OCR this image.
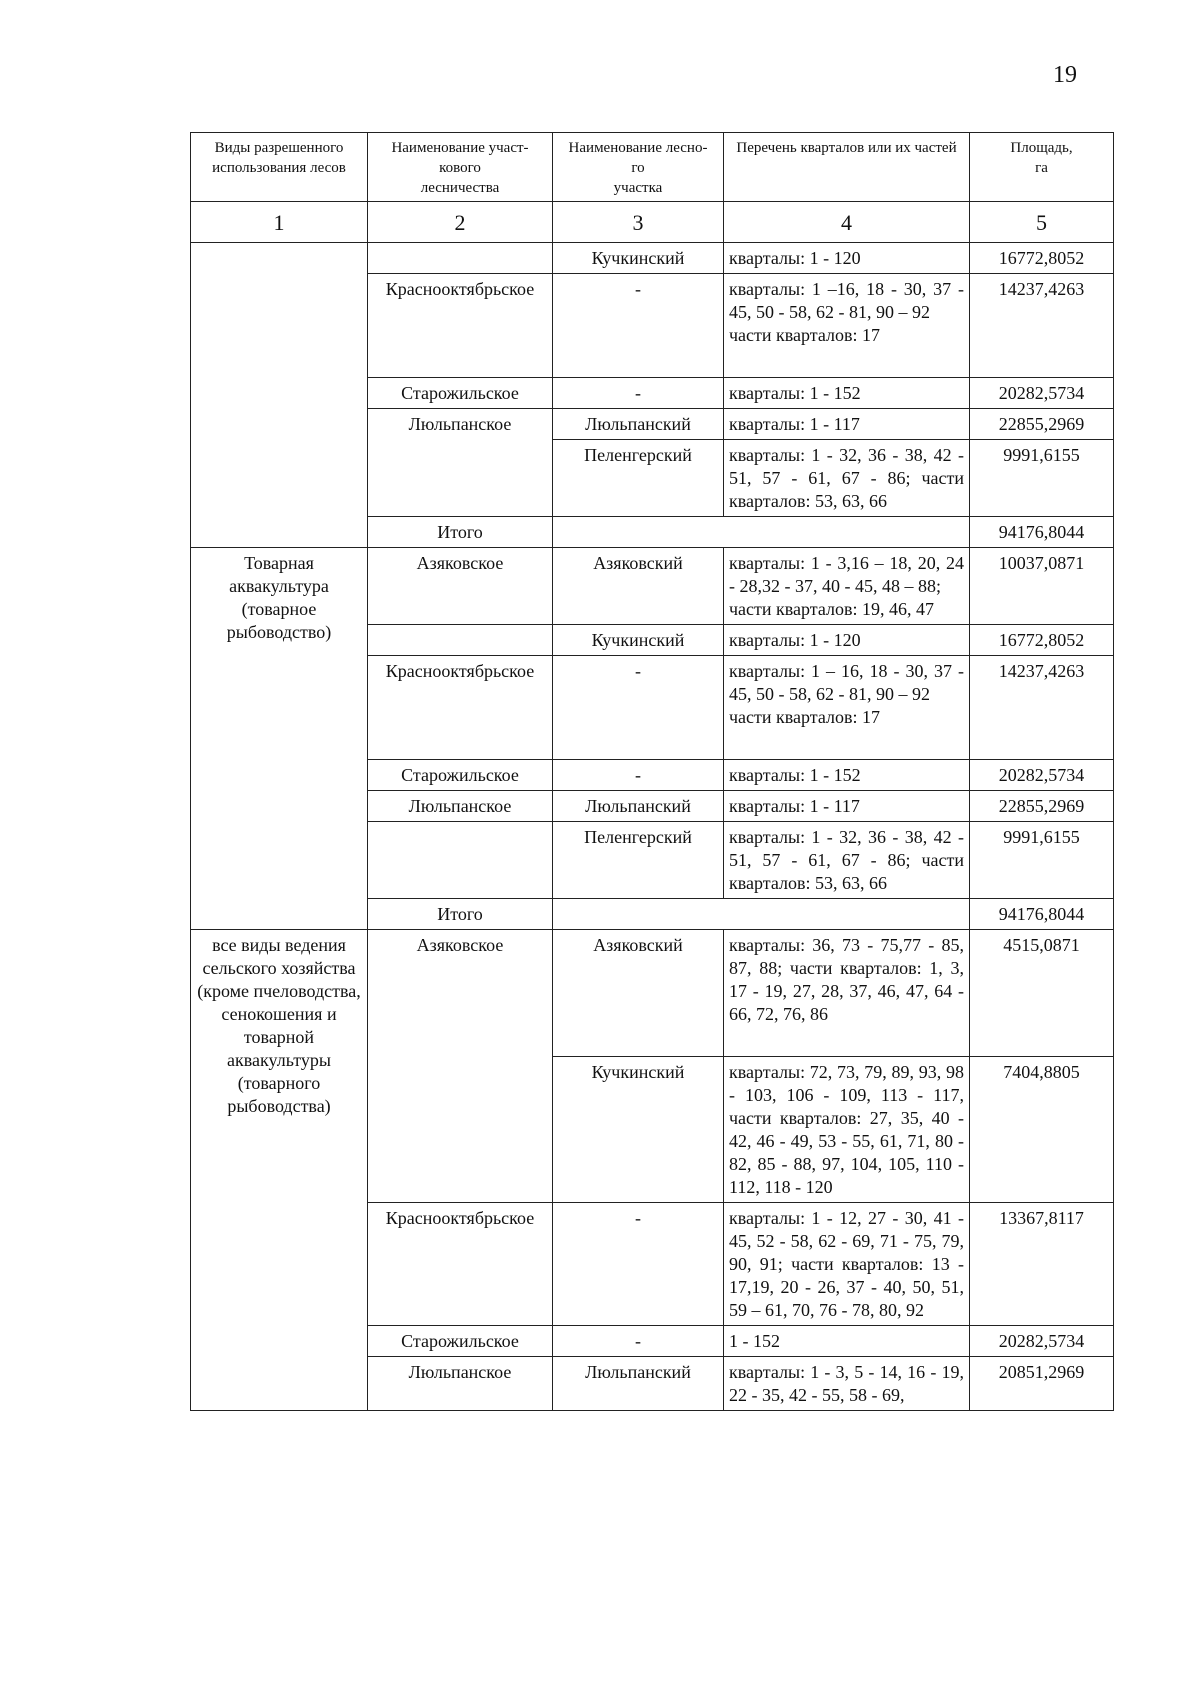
19
Виды разрешенного использования лесов	Наименование участ-
кового
лесничества	Наименование лесно-
го
участка	Перечень кварталов или их частей	Площадь,
га

1	2	3	4	5
		Кучкинский	кварталы: 1 - 120	16772,8052
	Краснооктябрьское	-	кварталы: 1 –16, 18 - 30, 37 - 45, 50 - 58, 62 - 81, 90 – 92
части кварталов: 17	14237,4263
	Старожильское	-	кварталы: 1 - 152	20282,5734
	Люльпанское	Люльпанский	кварталы: 1 - 117	22855,2969
		Пеленгерский	кварталы: 1 - 32, 36 - 38, 42 - 51, 57 - 61, 67 - 86; части кварталов: 53, 63, 66	9991,6155
	Итого			94176,8044
Товарная аквакультура (товарное рыбоводство)	Азяковское	Азяковский	кварталы: 1 - 3,16 – 18, 20, 24 - 28,32 - 37, 40 - 45, 48 – 88;
части кварталов: 19, 46, 47	10037,0871
		Кучкинский	кварталы: 1 - 120	16772,8052
	Краснооктябрьское	-	кварталы: 1 – 16, 18 - 30, 37 - 45, 50 - 58, 62 - 81, 90 – 92
части кварталов: 17	14237,4263
	Старожильское	-	кварталы: 1 - 152	20282,5734
	Люльпанское	Люльпанский	кварталы: 1 - 117	22855,2969
		Пеленгерский	кварталы: 1 - 32, 36 - 38, 42 - 51, 57 - 61, 67 - 86; части кварталов: 53, 63, 66	9991,6155
	Итого			94176,8044
все виды ведения сельского хозяйства (кроме пчеловодства, сенокошения и товарной аквакультуры (товарного рыбоводства)	Азяковское	Азяковский	кварталы: 36, 73 - 75,77 - 85, 87, 88; части кварталов: 1, 3, 17 - 19, 27, 28, 37, 46, 47, 64 - 66, 72, 76, 86	4515,0871
		Кучкинский	кварталы: 72, 73, 79, 89, 93, 98 - 103, 106 - 109, 113 - 117, части кварталов: 27, 35, 40 - 42, 46 - 49, 53 - 55, 61, 71, 80 - 82, 85 - 88, 97, 104, 105, 110 - 112, 118 - 120	7404,8805
	Краснооктябрьское	-	кварталы: 1 - 12, 27 - 30, 41 - 45, 52 - 58, 62 - 69, 71 - 75, 79, 90, 91; части кварталов: 13 - 17,19, 20 - 26, 37 - 40, 50, 51, 59 – 61, 70, 76 - 78, 80, 92	13367,8117
	Старожильское	-	1 - 152	20282,5734
	Люльпанское	Люльпанский	кварталы: 1 - 3, 5 - 14, 16 - 19, 22 - 35, 42 - 55, 58 - 69,	20851,2969
